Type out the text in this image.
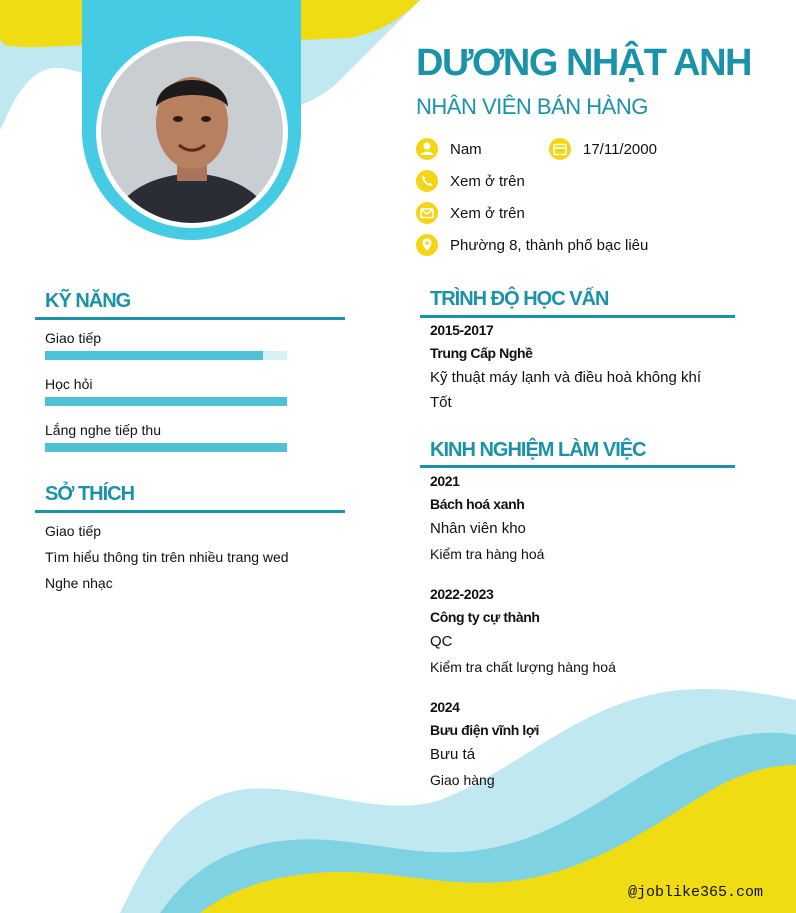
DƯƠNG NHẬT ANH
NHÂN VIÊN BÁN HÀNG
Nam	17/11/2000
Xem ở trên
Xem ở trên
Phường 8, thành phố bạc liêu
KỸ NĂNG
Giao tiếp
Học hỏi
Lắng nghe tiếp thu
SỞ THÍCH
Giao tiếp
Tìm hiểu thông tin trên nhiều trang wed
Nghe nhạc
TRÌNH ĐỘ HỌC VẤN
2015-2017
Trung Cấp Nghề
Kỹ thuật máy lạnh và điều hoà không khí
Tốt
KINH NGHIỆM LÀM VIỆC
2021
Bách hoá xanh
Nhân viên kho
Kiểm tra hàng hoá
2022-2023
Công ty cự thành
QC
Kiểm tra chất lượng hàng hoá
2024
Bưu điện vĩnh lợi
Bưu tá
Giao hàng
@joblike365.com
